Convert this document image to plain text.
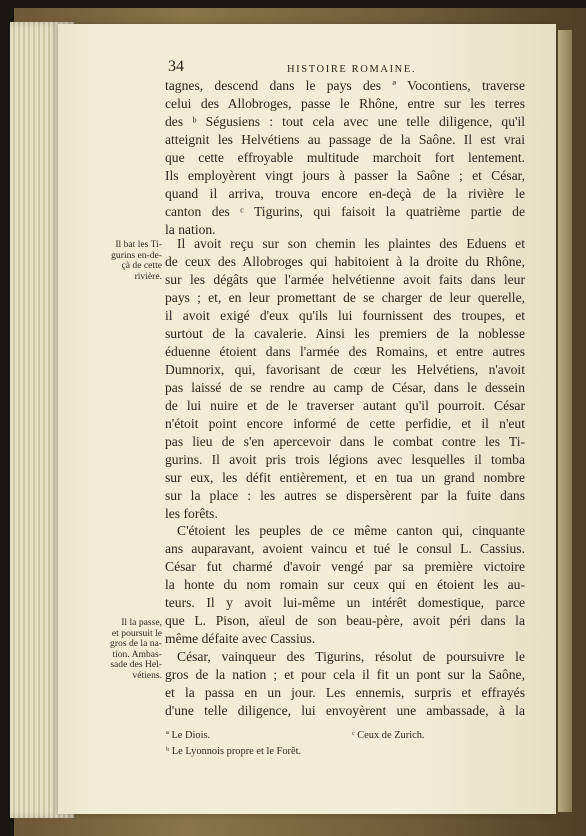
34	HISTOIRE ROMAINE.
tagnes, descend dans le pays des ª Vocontiens, traverse
celui des Allobroges, passe le Rhône, entre sur les terres
des ᵇ Ségusiens : tout cela avec une telle diligence, qu'il
atteignit les Helvétiens au passage de la Saône. Il est vrai
que cette effroyable multitude marchoit fort lentement.
Ils employèrent vingt jours à passer la Saône ; et César,
quand il arriva, trouva encore en-deçà de la rivière le
canton des ᶜ Tigurins, qui faisoit la quatrième partie de
la nation.
Il avoit reçu sur son chemin les plaintes des Eduens et
de ceux des Allobroges qui habitoient à la droite du Rhône,
sur les dégâts que l'armée helvétienne avoit faits dans leur
pays ; et, en leur promettant de se charger de leur querelle,
il avoit exigé d'eux qu'ils lui fournissent des troupes, et
surtout de la cavalerie. Ainsi les premiers de la noblesse
éduenne étoient dans l'armée des Romains, et entre autres
Dumnorix, qui, favorisant de cœur les Helvétiens, n'avoit
pas laissé de se rendre au camp de César, dans le dessein
de lui nuire et de le traverser autant qu'il pourroit. César
n'étoit point encore informé de cette perfidie, et il n'eut
pas lieu de s'en apercevoir dans le combat contre les Ti-
gurins. Il avoit pris trois légions avec lesquelles il tomba
sur eux, les défit entièrement, et en tua un grand nombre
sur la place : les autres se dispersèrent par la fuite dans
les forêts.
C'étoient les peuples de ce même canton qui, cinquante
ans auparavant, avoient vaincu et tué le consul L. Cassius.
César fut charmé d'avoir vengé par sa première victoire
la honte du nom romain sur ceux qui en étoient les au-
teurs. Il y avoit lui-même un intérêt domestique, parce
que L. Pison, aïeul de son beau-père, avoit péri dans la
même défaite avec Cassius.
César, vainqueur des Tigurins, résolut de poursuivre le
gros de la nation ; et pour cela il fit un pont sur la Saône,
et la passa en un jour. Les ennemis, surpris et effrayés
d'une telle diligence, lui envoyèrent une ambassade, à la
Il bat les Ti-
gurins en-de-
çà de cette
rivière.
Il la passe,
et poursuit le
gros de la na-
tion. Ambas-
sade des Hel-
vétiens.
ª Le Diois.	ᶜ Ceux de Zurich.
ᵇ Le Lyonnois propre et le Forêt.
